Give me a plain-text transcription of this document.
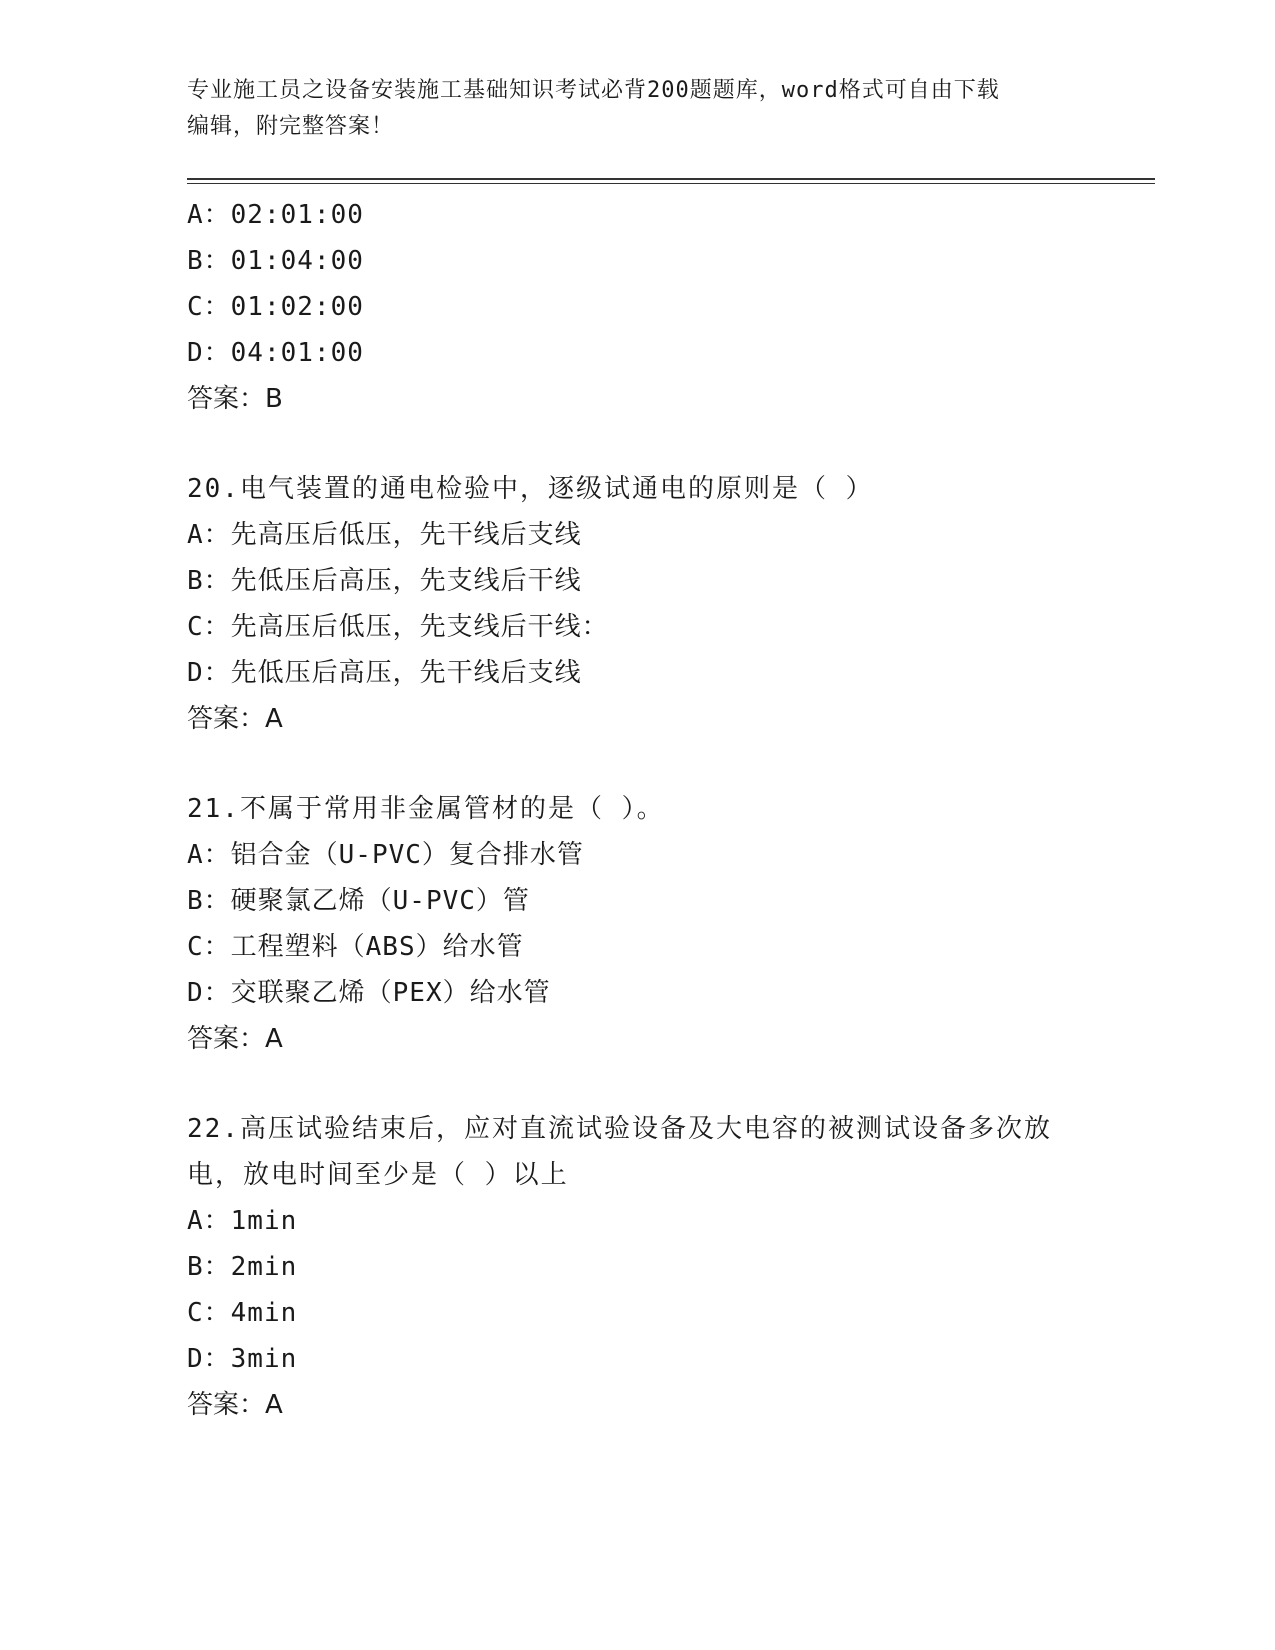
专业施工员之设备安装施工基础知识考试必背200题题库，word格式可自由下载
编辑，附完整答案！
A：02:01:00
B：01:04:00
C：01:02:00
D：04:01:00
答案：B
20.电气装置的通电检验中，逐级试通电的原则是（ ）
A：先高压后低压，先干线后支线
B：先低压后高压，先支线后干线
C：先高压后低压，先支线后干线：
D：先低压后高压，先干线后支线
答案：A
21.不属于常用非金属管材的是（ ）。
A：铝合金（U-PVC）复合排水管
B：硬聚氯乙烯（U-PVC）管
C：工程塑料（ABS）给水管
D：交联聚乙烯（PEX）给水管
答案：A
22.高压试验结束后，应对直流试验设备及大电容的被测试设备多次放
电，放电时间至少是（ ）以上
A：1min
B：2min
C：4min
D：3min
答案：A
